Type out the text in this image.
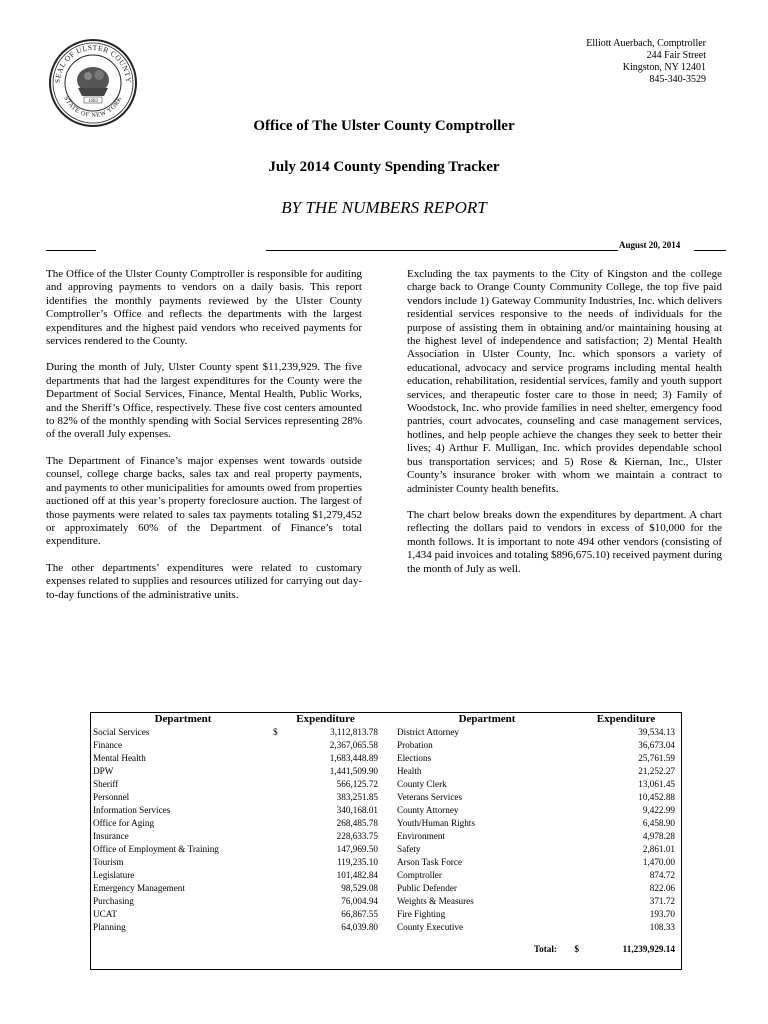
SEAL OF ULSTER COUNTY
STATE OF NEW YORK
1683
Elliott Auerbach, Comptroller
244 Fair Street
Kingston, NY 12401
845-340-3529
Office of The Ulster County Comptroller
July 2014 County Spending Tracker
BY THE NUMBERS REPORT
August 20, 2014

The Office of the Ulster County Comptroller is responsible for auditing and approving payments to vendors on a daily basis. This report identifies the monthly payments reviewed by the Ulster County Comptroller’s Office and reflects the departments with the largest expenditures and the highest paid vendors who received payments for services rendered to the County.

During the month of July, Ulster County spent $11,239,929. The five departments that had the largest expenditures for the County were the Department of Social Services, Finance, Mental Health, Public Works, and the Sheriff’s Office, respectively. These five cost centers amounted to 82% of the monthly spending with Social Services representing 28% of the overall July expenses.

The Department of Finance’s major expenses went towards outside counsel, college charge backs, sales tax and real property payments, and payments to other municipalities for amounts owed from properties auctioned off at this year’s property foreclosure auction. The largest of those payments were related to sales tax payments totaling $1,279,452 or approximately 60% of the Department of Finance’s total expenditure.

The other departments’ expenditures were related to customary expenses related to supplies and resources utilized for carrying out day-to-day functions of the administrative units.

Excluding the tax payments to the City of Kingston and the college charge back to Orange County Community College, the top five paid vendors include 1) Gateway Community Industries, Inc. which delivers residential services responsive to the needs of individuals for the purpose of assisting them in obtaining and/or maintaining housing at the highest level of independence and satisfaction; 2) Mental Health Association in Ulster County, Inc. which sponsors a variety of educational, advocacy and service programs including mental health education, rehabilitation, residential services, family and youth support services, and therapeutic foster care to those in need; 3) Family of Woodstock, Inc. who provide families in need shelter, emergency food pantries, court advocates, counseling and case management services, hotlines, and help people achieve the changes they seek to better their lives; 4) Arthur F. Mulligan, Inc. which provides dependable school bus transportation services; and 5) Rose & Kiernan, Inc., Ulster County’s insurance broker with whom we maintain a contract to administer County health benefits.

The chart below breaks down the expenditures by department. A chart reflecting the dollars paid to vendors in excess of $10,000 for the month follows. It is important to note 494 other vendors (consisting of 1,434 paid invoices and totaling $896,675.10) received payment during the month of July as well.

Department	Expenditure
Social Services	$	3,112,813.78
Finance	2,367,065.58
Mental Health	1,683,448.89
DPW	1,441,509.90
Sheriff	566,125.72
Personnel	383,251.85
Information Services	340,168.01
Office for Aging	268,485.78
Insurance	228,633.75
Office of Employment & Training	147,969.50
Tourism	119,235.10
Legislature	101,482.84
Emergency Management	98,529.08
Purchasing	76,004.94
UCAT	66,867.55
Planning	64,039.80
Department	Expenditure
District Attorney	39,534.13
Probation	36,673.04
Elections	25,761.59
Health	21,252.27
County Clerk	13,061.45
Veterans Services	10,452.88
County Attorney	9,422.99
Youth/Human Rights	6,458.90
Environment	4,978.28
Safety	2,861.01
Arson Task Force	1,470.00
Comptroller	874.72
Public Defender	822.06
Weights & Measures	371.72
Fire Fighting	193.70
County Executive	108.33
Total:	$	11,239,929.14
